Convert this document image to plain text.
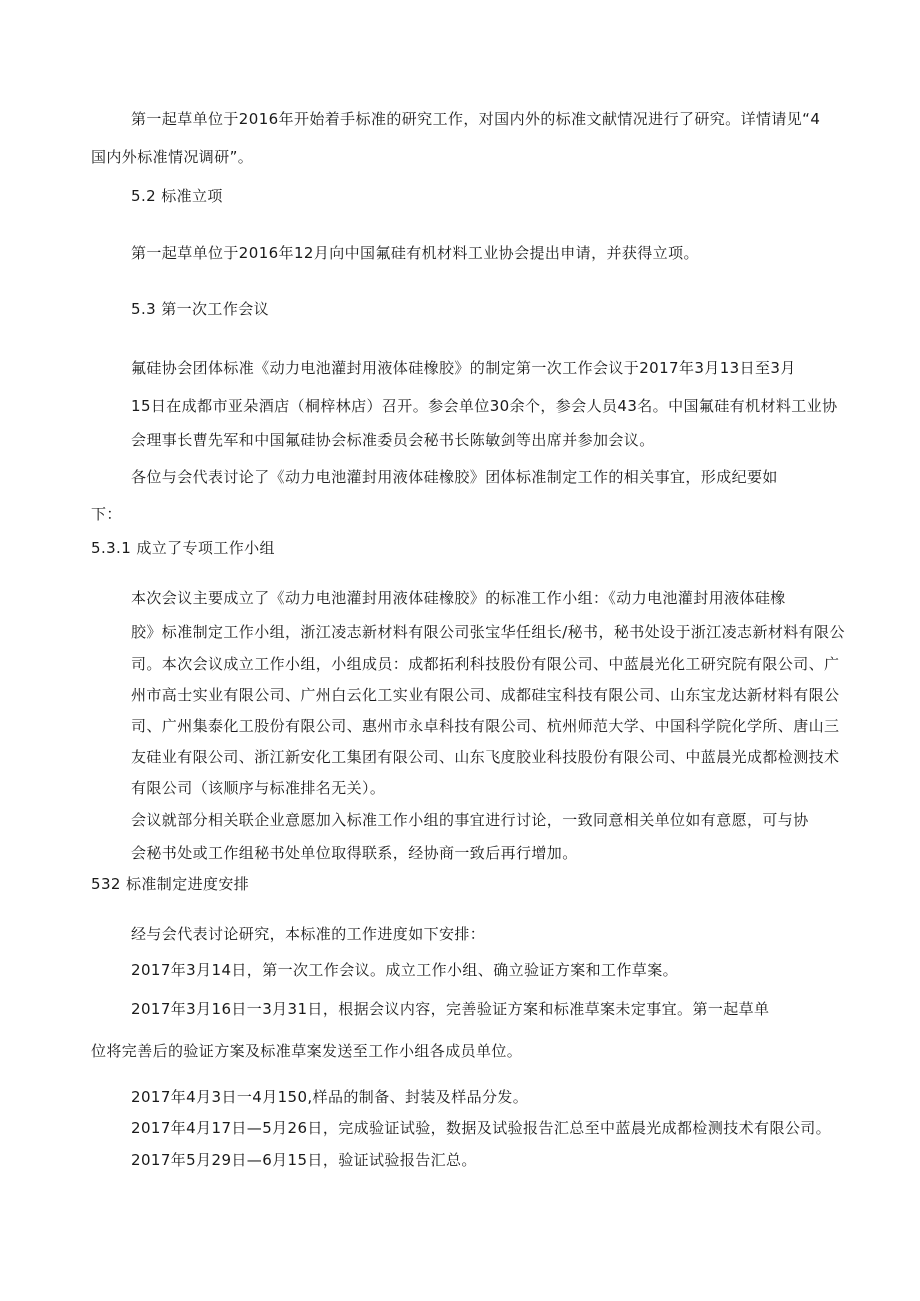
第一起草单位于2016年开始着手标准的研究工作，对国内外的标准文献情况进行了研究。详情请见“4
国内外标准情况调研”。
5.2 标准立项
第一起草单位于2016年12月向中国氟硅有机材料工业协会提出申请，并获得立项。
5.3 第一次工作会议
氟硅协会团体标准《动力电池灌封用液体硅橡胶》的制定第一次工作会议于2017年3月13日至3月
15日在成都市亚朵酒店（桐梓林店）召开。参会单位30余个，参会人员43名。中国氟硅有机材料工业协
会理事长曹先军和中国氟硅协会标准委员会秘书长陈敏剑等出席并参加会议。
各位与会代表讨论了《动力电池灌封用液体硅橡胶》团体标准制定工作的相关事宜，形成纪要如
下：
5.3.1 成立了专项工作小组
本次会议主要成立了《动力电池灌封用液体硅橡胶》的标准工作小组：《动力电池灌封用液体硅橡
胶》标准制定工作小组，浙江凌志新材料有限公司张宝华任组长/秘书，秘书处设于浙江凌志新材料有限公
司。本次会议成立工作小组，小组成员：成都拓利科技股份有限公司、中蓝晨光化工研究院有限公司、广
州市高士实业有限公司、广州白云化工实业有限公司、成都硅宝科技有限公司、山东宝龙达新材料有限公
司、广州集泰化工股份有限公司、惠州市永卓科技有限公司、杭州师范大学、中国科学院化学所、唐山三
友硅业有限公司、浙江新安化工集团有限公司、山东飞度胶业科技股份有限公司、中蓝晨光成都检测技术
有限公司（该顺序与标准排名无关）。
会议就部分相关联企业意愿加入标准工作小组的事宜进行讨论，一致同意相关单位如有意愿，可与协
会秘书处或工作组秘书处单位取得联系，经协商一致后再行增加。
532 标准制定进度安排
经与会代表讨论研究，本标准的工作进度如下安排：
2017年3月14日，第一次工作会议。成立工作小组、确立验证方案和工作草案。
2017年3月16日一3月31日，根据会议内容，完善验证方案和标准草案未定事宜。第一起草单
位将完善后的验证方案及标准草案发送至工作小组各成员单位。
2017年4月3日一4月150,样品的制备、封装及样品分发。
2017年4月17日—5月26日，完成验证试验，数据及试验报告汇总至中蓝晨光成都检测技术有限公司。
2017年5月29日—6月15日，验证试验报告汇总。
